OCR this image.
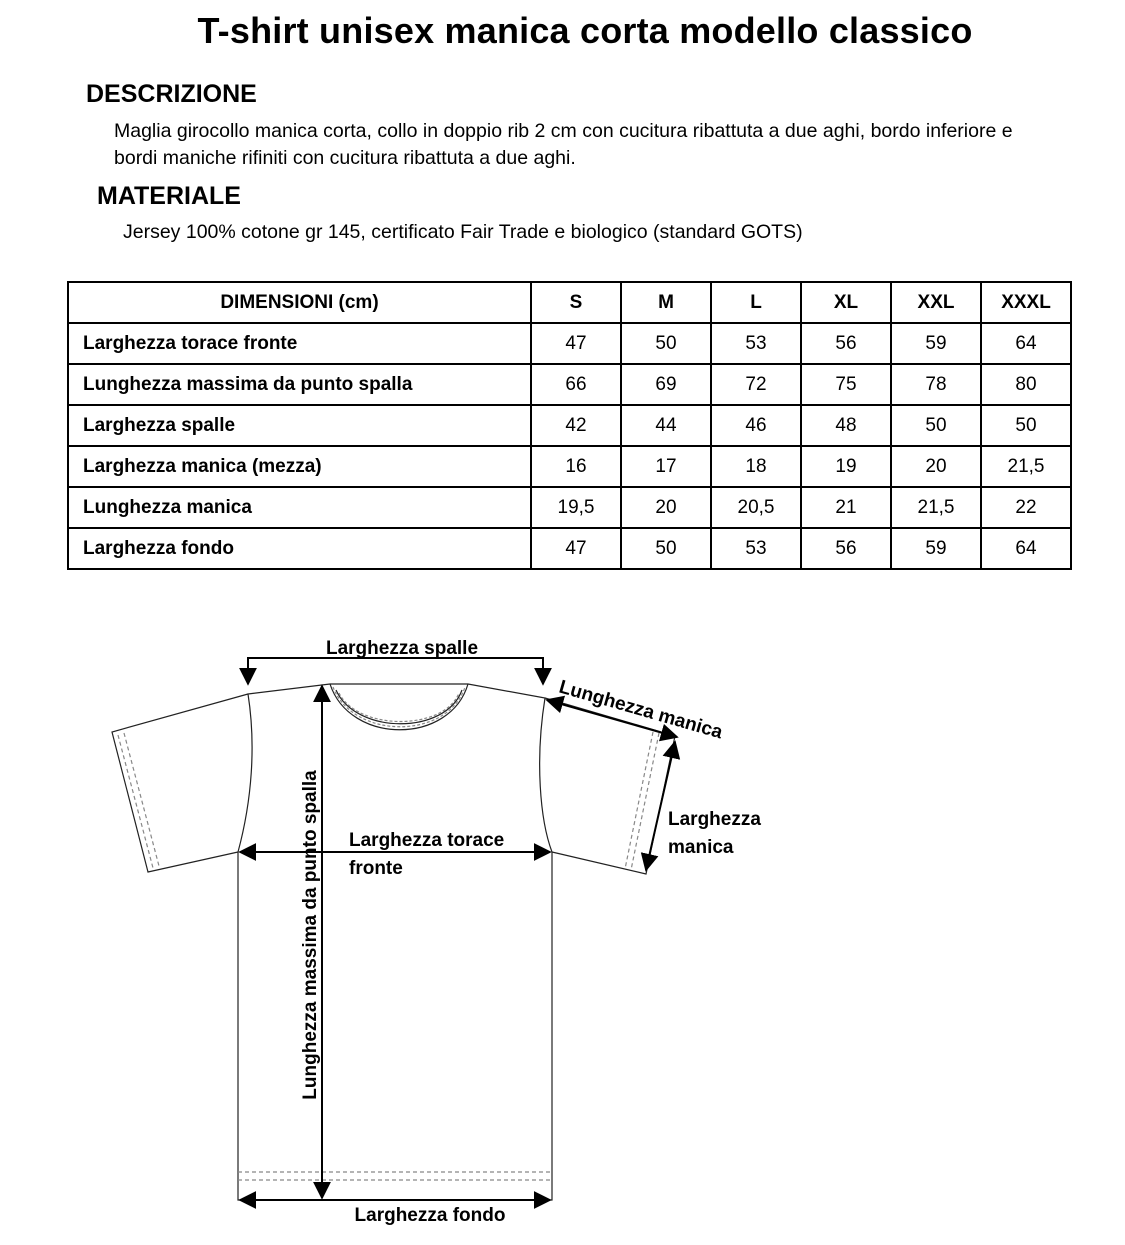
T-shirt unisex manica corta modello classico
DESCRIZIONE
Maglia girocollo manica corta, collo in doppio rib 2 cm con cucitura ribattuta a due aghi, bordo inferiore e bordi maniche rifiniti con cucitura ribattuta a due aghi.
MATERIALE
Jersey 100% cotone gr 145, certificato Fair Trade e biologico (standard GOTS)
DIMENSIONI (cm)	S	M	L	XL	XXL	XXXL
Larghezza torace fronte	47	50	53	56	59	64
Lunghezza massima da punto spalla	66	69	72	75	78	80
Larghezza spalle	42	44	46	48	50	50
Larghezza manica (mezza)	16	17	18	19	20	21,5
Lunghezza manica	19,5	20	20,5	21	21,5	22
Larghezza fondo	47	50	53	56	59	64
Larghezza spalle
Lunghezza manica
Larghezza
manica
Larghezza torace
fronte
Lunghezza massima da punto spalla
Larghezza fondo
